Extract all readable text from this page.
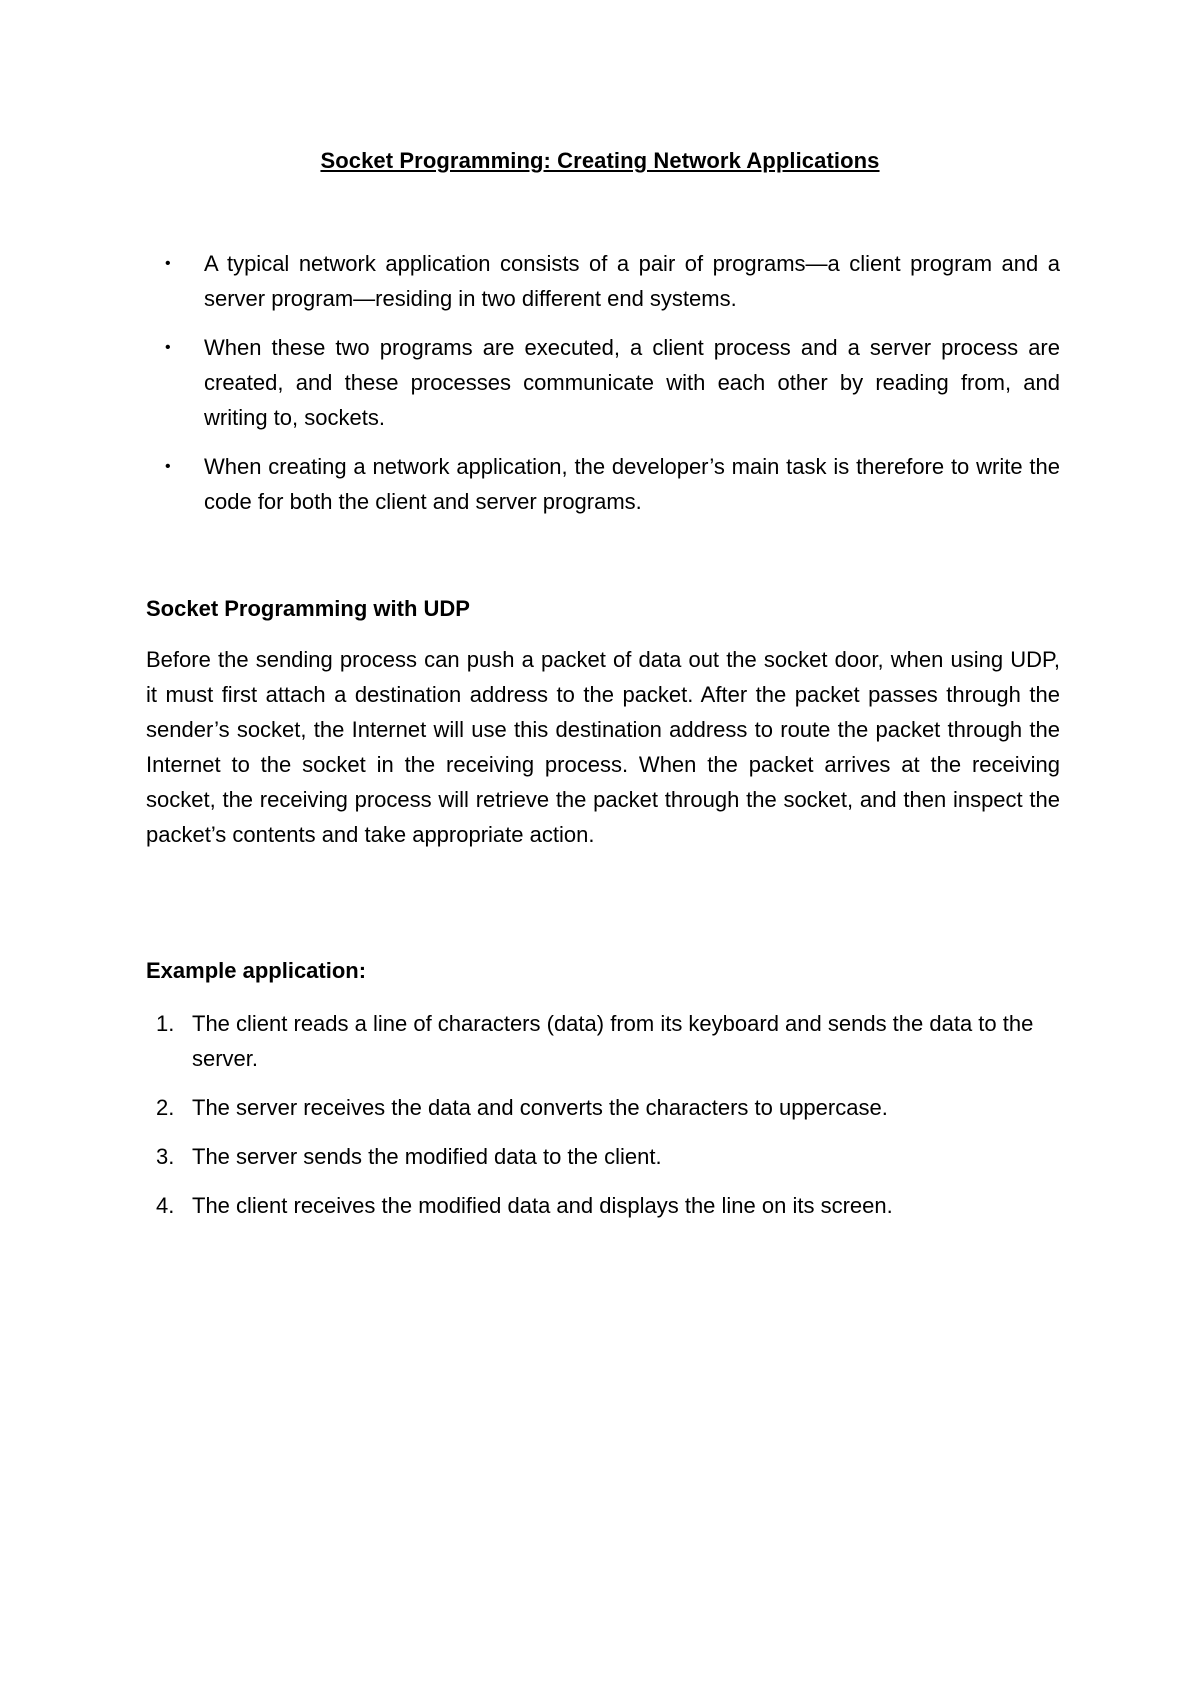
Socket Programming: Creating Network Applications
• A typical network application consists of a pair of programs—a client program and a server program—residing in two different end systems.
• When these two programs are executed, a client process and a server process are created, and these processes communicate with each other by reading from, and writing to, sockets.
• When creating a network application, the developer’s main task is therefore to write the code for both the client and server programs.
Socket Programming with UDP
Before the sending process can push a packet of data out the socket door, when using UDP, it must first attach a destination address to the packet. After the packet passes through the sender’s socket, the Internet will use this destination address to route the packet through the Internet to the socket in the receiving process. When the packet arrives at the receiving socket, the receiving process will retrieve the packet through the socket, and then inspect the packet’s contents and take appropriate action.
Example application:
1. The client reads a line of characters (data) from its keyboard and sends the data to the server.
2. The server receives the data and converts the characters to uppercase.
3. The server sends the modified data to the client.
4. The client receives the modified data and displays the line on its screen.
